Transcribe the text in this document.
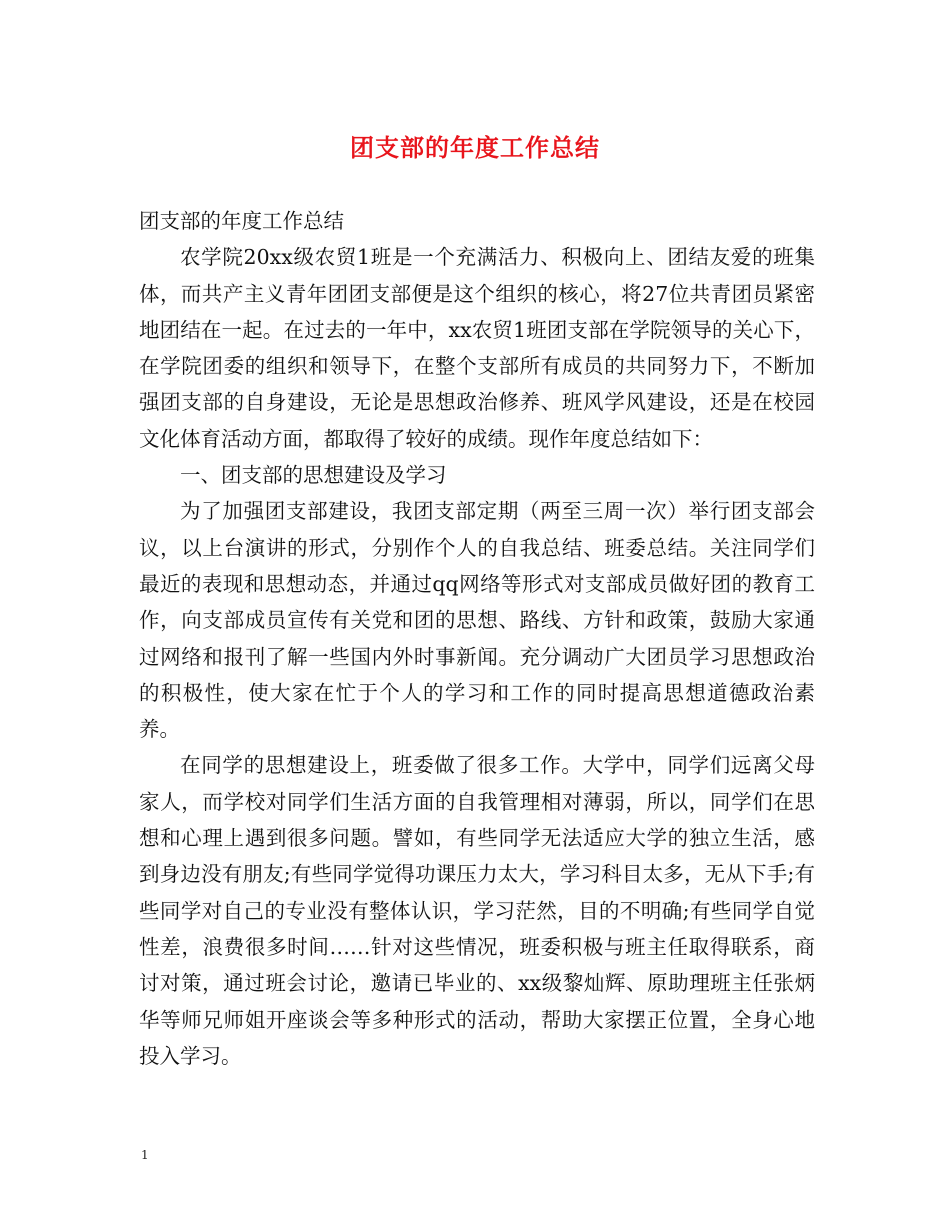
团支部的年度工作总结

团支部的年度工作总结

农学院20xx级农贸1班是一个充满活力、积极向上、团结友爱的班集体，而共产主义青年团团支部便是这个组织的核心，将27位共青团员紧密地团结在一起。在过去的一年中，xx农贸1班团支部在学院领导的关心下，在学院团委的组织和领导下，在整个支部所有成员的共同努力下，不断加强团支部的自身建设，无论是思想政治修养、班风学风建设，还是在校园文化体育活动方面，都取得了较好的成绩。现作年度总结如下：

一、团支部的思想建设及学习

为了加强团支部建设，我团支部定期（两至三周一次）举行团支部会议，以上台演讲的形式，分别作个人的自我总结、班委总结。关注同学们最近的表现和思想动态，并通过qq网络等形式对支部成员做好团的教育工作，向支部成员宣传有关党和团的思想、路线、方针和政策，鼓励大家通过网络和报刊了解一些国内外时事新闻。充分调动广大团员学习思想政治的积极性，使大家在忙于个人的学习和工作的同时提高思想道德政治素养。

在同学的思想建设上，班委做了很多工作。大学中，同学们远离父母家人，而学校对同学们生活方面的自我管理相对薄弱，所以，同学们在思想和心理上遇到很多问题。譬如，有些同学无法适应大学的独立生活，感到身边没有朋友;有些同学觉得功课压力太大，学习科目太多，无从下手;有些同学对自己的专业没有整体认识，学习茫然，目的不明确;有些同学自觉性差，浪费很多时间……针对这些情况，班委积极与班主任取得联系，商讨对策，通过班会讨论，邀请已毕业的、xx级黎灿辉、原助理班主任张炳华等师兄师姐开座谈会等多种形式的活动，帮助大家摆正位置，全身心地投入学习。

1
